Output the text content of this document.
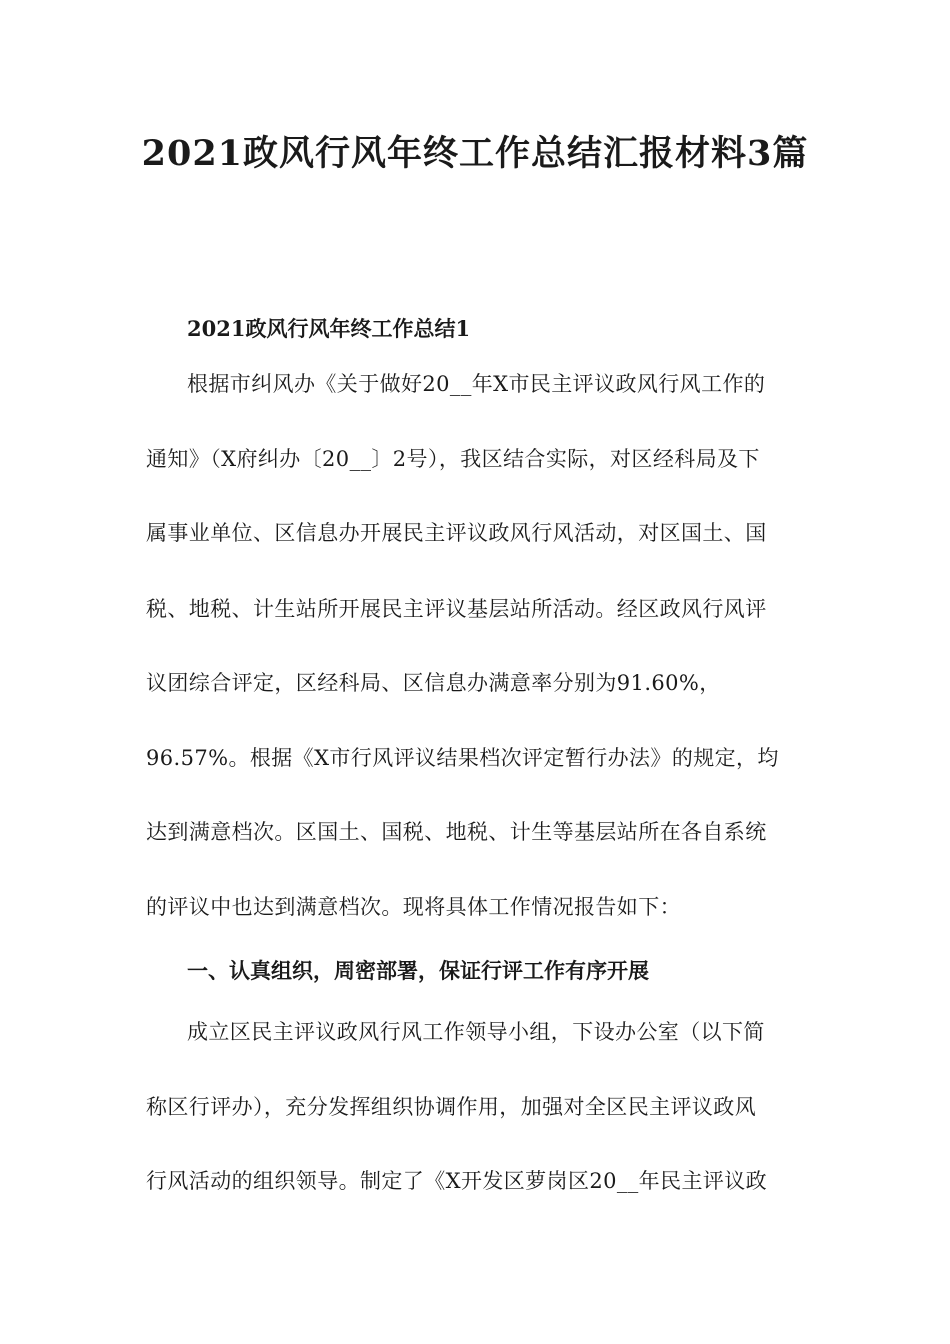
2021政风行风年终工作总结汇报材料3篇
2021政风行风年终工作总结1

根据市纠风办《关于做好20__年X市民主评议政风行风工作的

通知》（X府纠办〔20__〕2号），我区结合实际，对区经科局及下

属事业单位、区信息办开展民主评议政风行风活动，对区国土、国

税、地税、计生站所开展民主评议基层站所活动。经区政风行风评

议团综合评定，区经科局、区信息办满意率分别为91.60%，

96.57%。根据《X市行风评议结果档次评定暂行办法》的规定，均

达到满意档次。区国土、国税、地税、计生等基层站所在各自系统

的评议中也达到满意档次。现将具体工作情况报告如下：

一、认真组织，周密部署，保证行评工作有序开展

成立区民主评议政风行风工作领导小组，下设办公室（以下简

称区行评办），充分发挥组织协调作用，加强对全区民主评议政风

行风活动的组织领导。制定了《X开发区萝岗区20__年民主评议政
